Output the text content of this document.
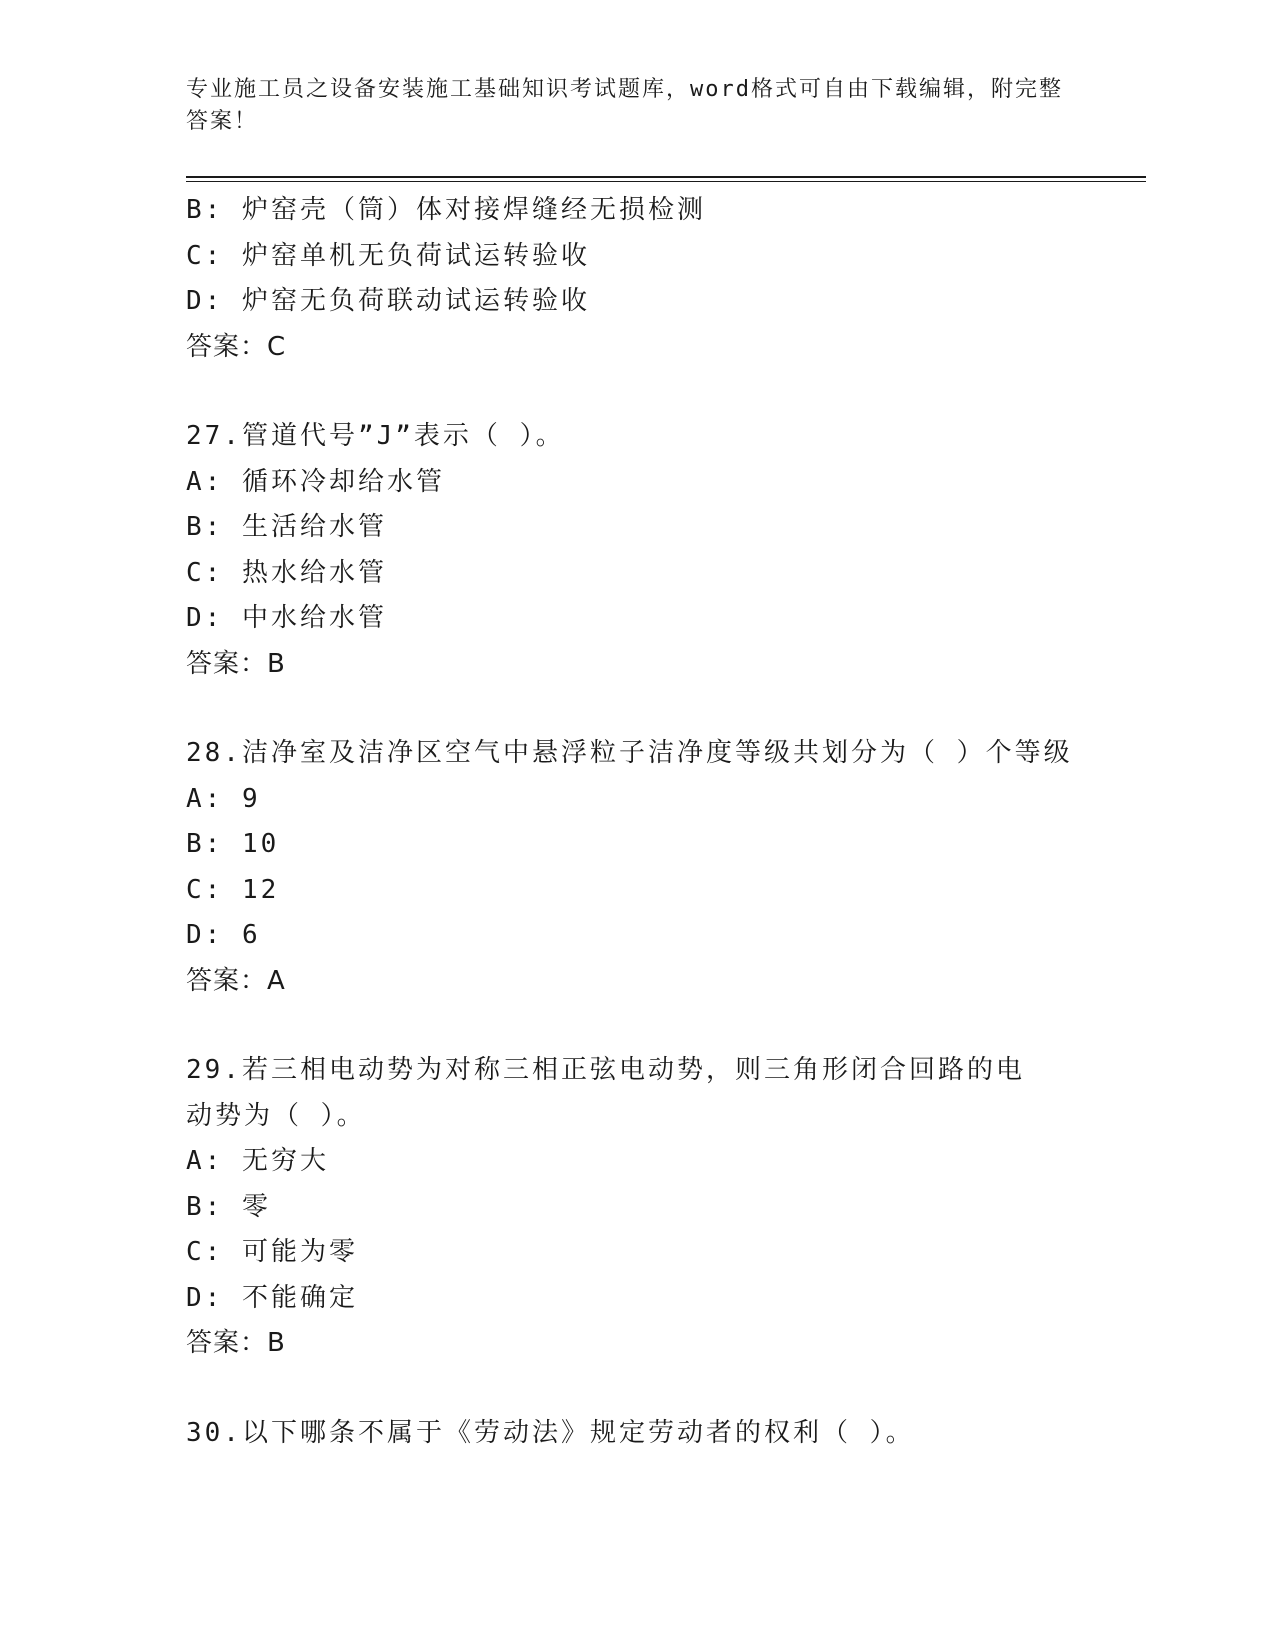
专业施工员之设备安装施工基础知识考试题库，word格式可自由下载编辑，附完整答案！
B: 炉窑壳（筒）体对接焊缝经无损检测
C: 炉窑单机无负荷试运转验收
D: 炉窑无负荷联动试运转验收
答案：C
27.管道代号”J”表示（ ）。
A: 循环冷却给水管
B: 生活给水管
C: 热水给水管
D: 中水给水管
答案：B
28.洁净室及洁净区空气中悬浮粒子洁净度等级共划分为（ ）个等级
A: 9
B: 10
C: 12
D: 6
答案：A
29.若三相电动势为对称三相正弦电动势，则三角形闭合回路的电动势为（ ）。
A: 无穷大
B: 零
C: 可能为零
D: 不能确定
答案：B
30.以下哪条不属于《劳动法》规定劳动者的权利（ ）。
